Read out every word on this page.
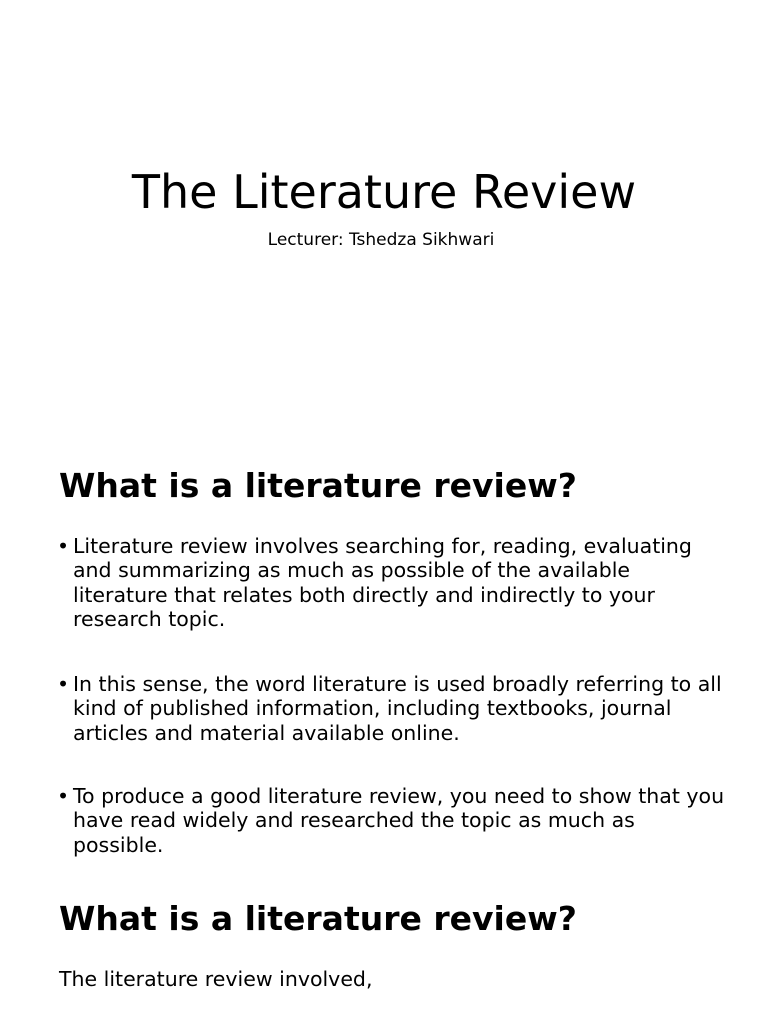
The Literature Review

Lecturer: Tshedza Sikhwari

What is a literature review?
• Literature review involves searching for, reading, evaluating and summarizing as much as possible of the available literature that relates both directly and indirectly to your research topic.
• In this sense, the word literature is used broadly referring to all kind of published information, including textbooks, journal articles and material available online.
• To produce a good literature review, you need to show that you have read widely and researched the topic as much as possible.
What is a literature review?

The literature review involved,
